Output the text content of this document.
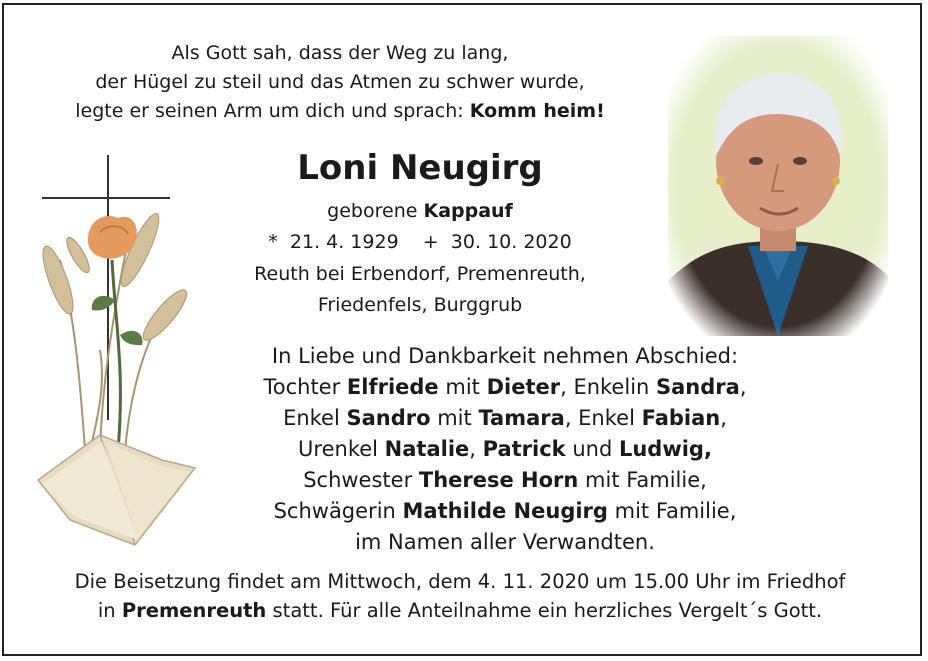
Als Gott sah, dass der Weg zu lang,
der Hügel zu steil und das Atmen zu schwer wurde,
legte er seinen Arm um dich und sprach: Komm heim!
Loni Neugirg
geborene Kappauf
*  21. 4. 1929    +  30. 10. 2020
Reuth bei Erbendorf, Premenreuth,
Friedenfels, Burggrub
In Liebe und Dankbarkeit nehmen Abschied:
Tochter Elfriede mit Dieter, Enkelin Sandra,
Enkel Sandro mit Tamara, Enkel Fabian,
Urenkel Natalie, Patrick und Ludwig,
Schwester Therese Horn mit Familie,
Schwägerin Mathilde Neugirg mit Familie,
im Namen aller Verwandten.
Die Beisetzung findet am Mittwoch, dem 4. 11. 2020 um 15.00 Uhr im Friedhof
in Premenreuth statt. Für alle Anteilnahme ein herzliches Vergelt´s Gott.
